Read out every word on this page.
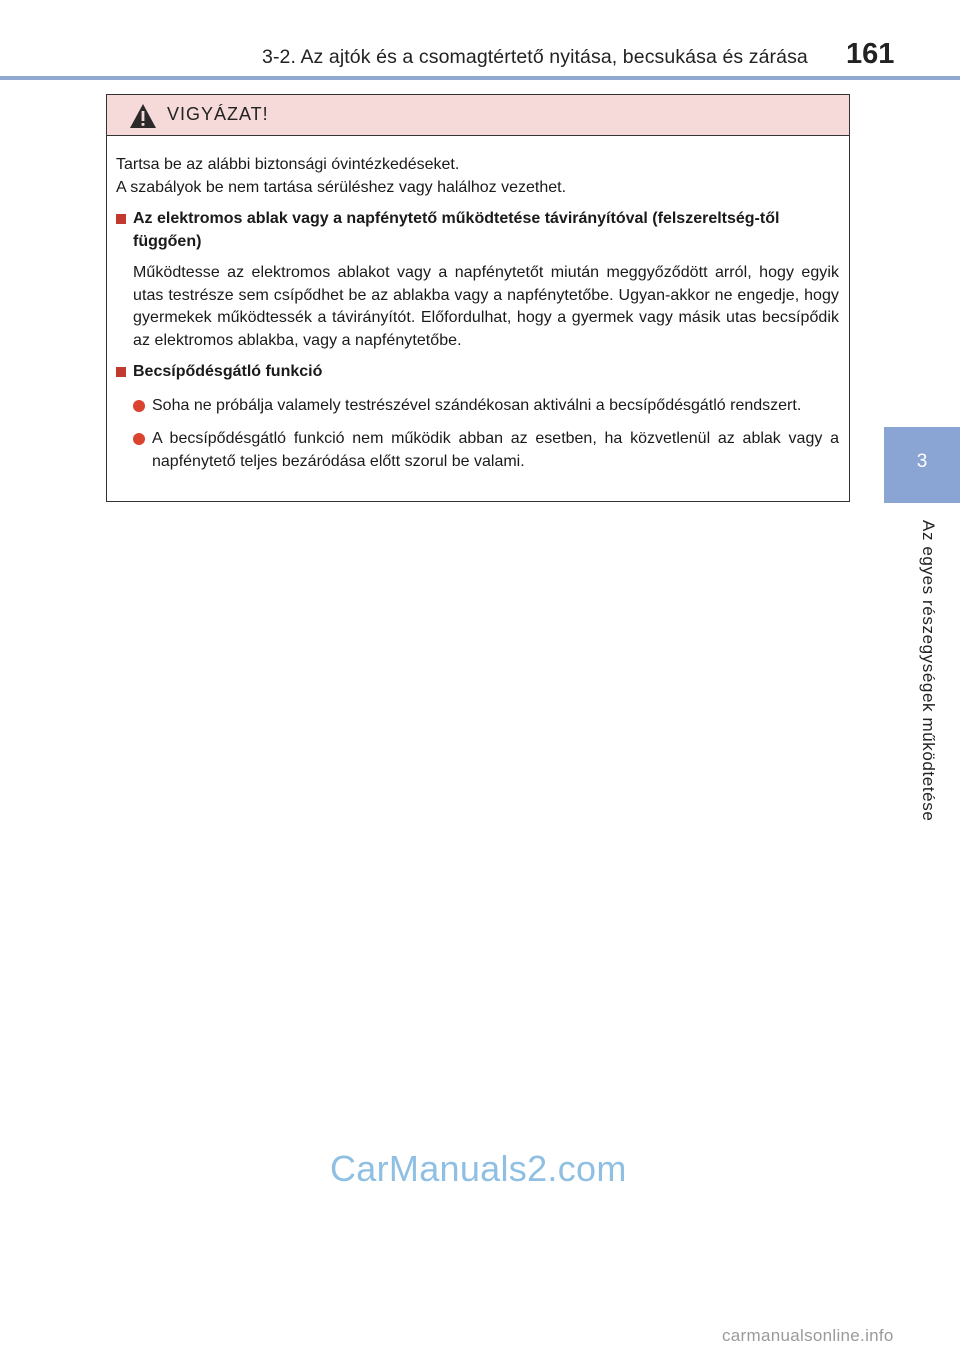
3-2. Az ajtók és a csomagtértető nyitása, becsukása és zárása 161
3
Az egyes részegységek működtetése
VIGYÁZAT!

Tartsa be az alábbi biztonsági óvintézkedéseket.

A szabályok be nem tartása sérüléshez vagy halálhoz vezethet.

Az elektromos ablak vagy a napfénytető működtetése távirányítóval (felszereltség-től függően)

Működtesse az elektromos ablakot vagy a napfénytetőt miután meggyőződött arról, hogy egyik utas testrésze sem csípődhet be az ablakba vagy a napfénytetőbe. Ugyan-akkor ne engedje, hogy gyermekek működtessék a távirányítót. Előfordulhat, hogy a gyermek vagy másik utas becsípődik az elektromos ablakba, vagy a napfénytetőbe.

Becsípődésgátló funkció

Soha ne próbálja valamely testrészével szándékosan aktiválni a becsípődésgátló rendszert.

A becsípődésgátló funkció nem működik abban az esetben, ha közvetlenül az ablak vagy a napfénytető teljes bezáródása előtt szorul be valami.

CarManuals2.com
carmanualsonline.info
